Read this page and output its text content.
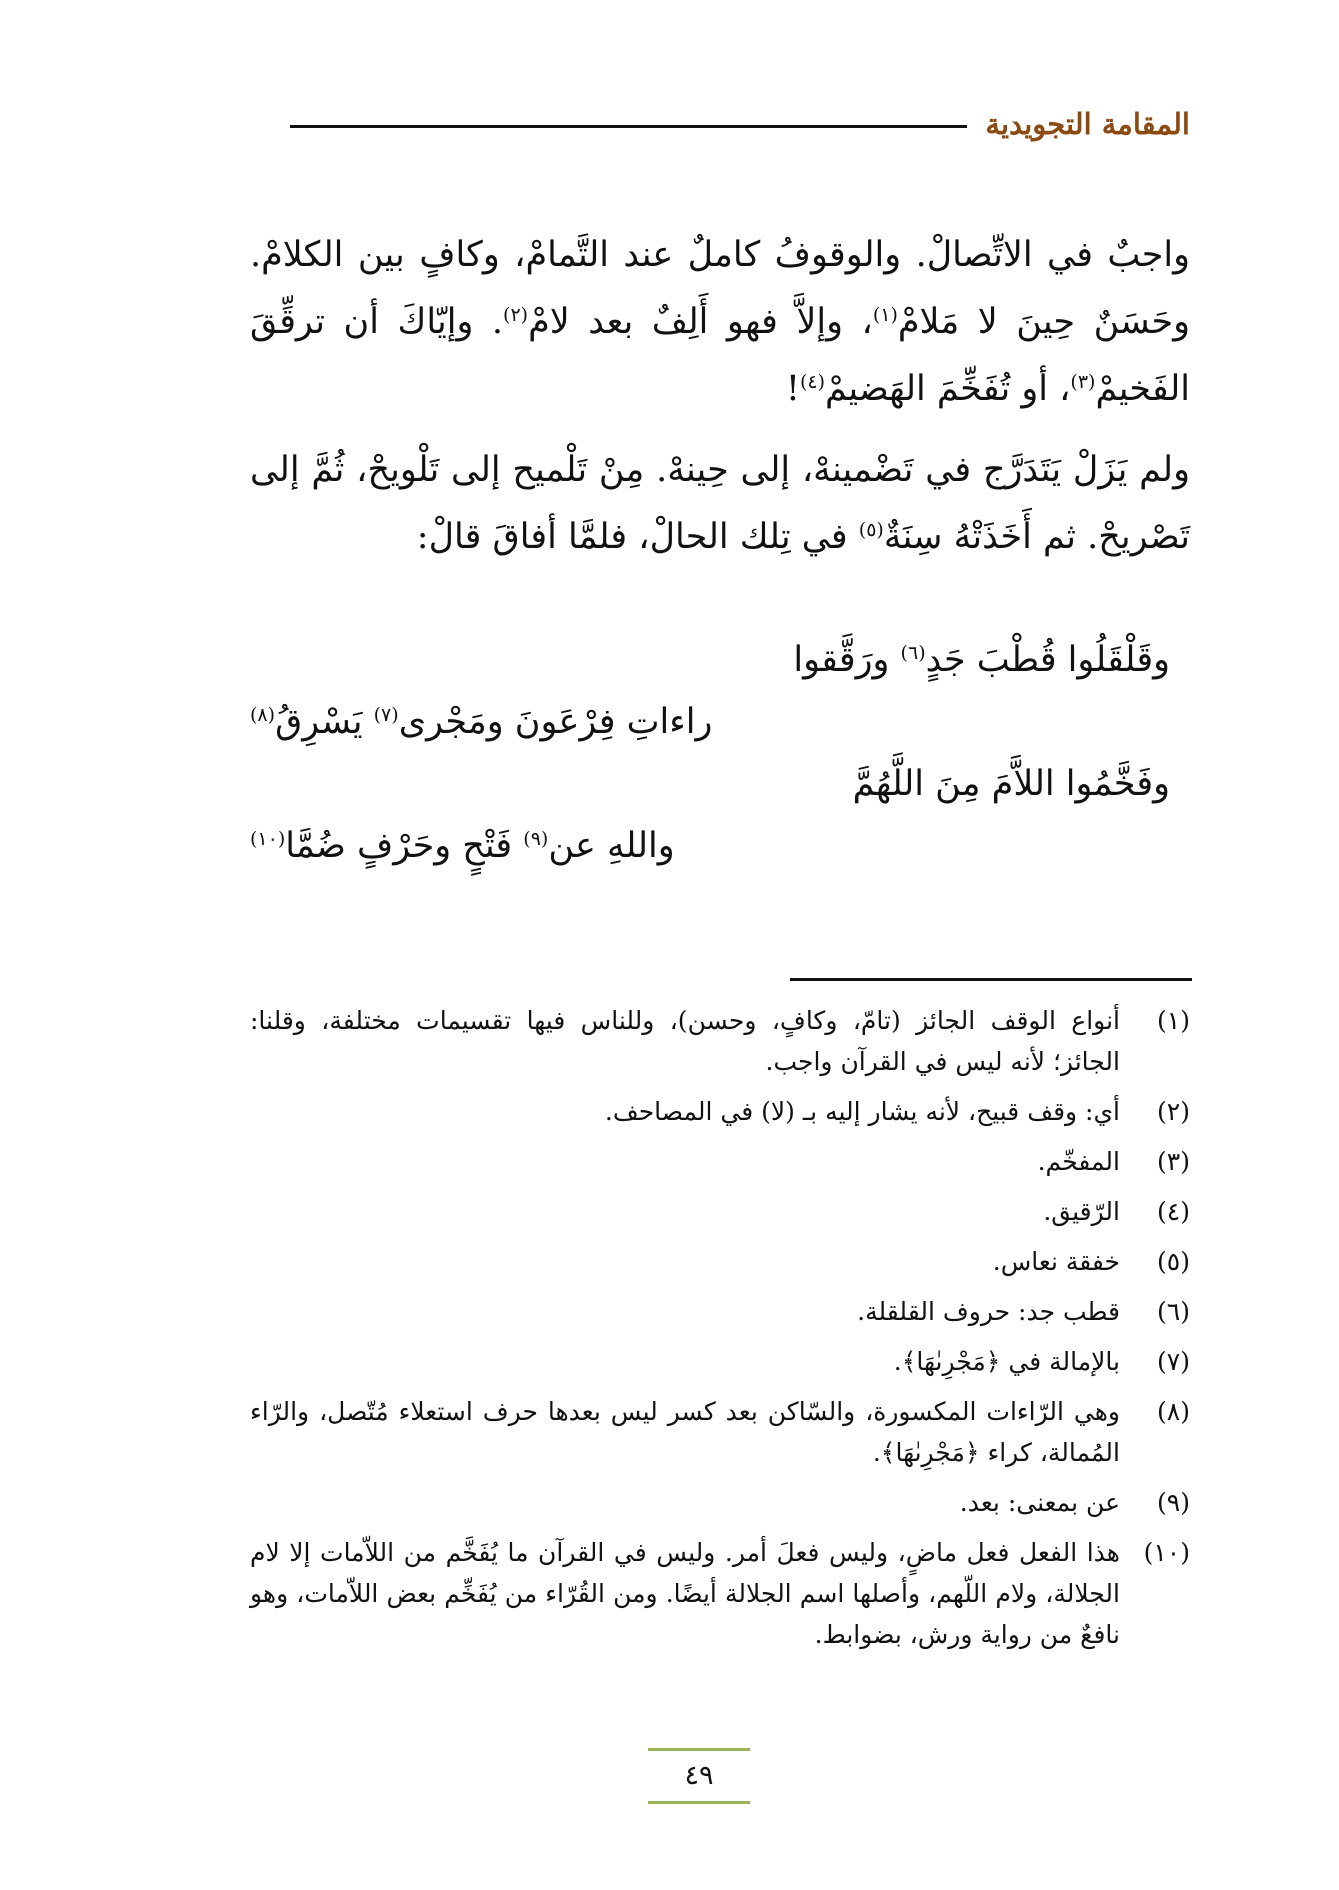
المقامة التجويدية

واجبٌ في الاتِّصالْ. والوقوفُ كاملٌ عند التَّمامْ، وكافٍ بين الكلامْ. وحَسَنٌ حِينَ لا مَلامْ$^{(١)}$، وإلاَّ فهو أَلِفٌ بعد لامْ$^{(٢)}$. وإيّاكَ أن ترقِّقَ الفَخيمْ$^{(٣)}$، أو تُفَخِّمَ الهَضيمْ$^{(٤)}$!

ولم يَزَلْ يَتَدَرَّج في تَضْمينهْ، إلى حِينهْ. مِنْ تَلْميح إلى تَلْويحْ، ثُمَّ إلى تَصْريحْ. ثم أَخَذَتْهُ سِنَةٌ$^{(٥)}$ في تِلك الحالْ، فلمَّا أفاقَ قالْ:

وقَلْقَلُوا قُطْبَ جَدٍ$^{(٦)}$ ورَقَّقوا
راءاتِ فِرْعَونَ ومَجْرى$^{(٧)}$ يَسْرِقُ$^{(٨)}$
وفَخَّمُوا اللاَّمَ مِنَ اللَّهُمَّ
واللهِ عن$^{(٩)}$ فَتْحٍ وحَرْفٍ ضُمَّا$^{(١٠)}$
(١)
أنواع الوقف الجائز (تامّ، وكافٍ، وحسن)، وللناس فيها تقسيمات مختلفة، وقلنا: الجائز؛ لأنه ليس في القرآن واجب.
(٢)
أي: وقف قبيح، لأنه يشار إليه بـ (لا) في المصاحف.
(٣)
المفخّم.
(٤)
الرّقيق.
(٥)
خفقة نعاس.
(٦)
قطب جد: حروف القلقلة.
(٧)
بالإمالة في ﴿مَجْرِىٰهَا﴾.
(٨)
وهي الرّاءات المكسورة، والسّاكن بعد كسر ليس بعدها حرف استعلاء مُتّصل، والرّاء المُمالة، كراء ﴿مَجْرِىٰهَا﴾.
(٩)
عن بمعنى: بعد.
(١٠)
هذا الفعل فعل ماضٍ، وليس فعلَ أمر. وليس في القرآن ما يُفَخَّم من اللاّمات إلا لام الجلالة، ولام اللّهم، وأصلها اسم الجلالة أيضًا. ومن القُرّاء من يُفَخِّم بعض اللاّمات، وهو نافعٌ من رواية ورش، بضوابط.
٤٩
